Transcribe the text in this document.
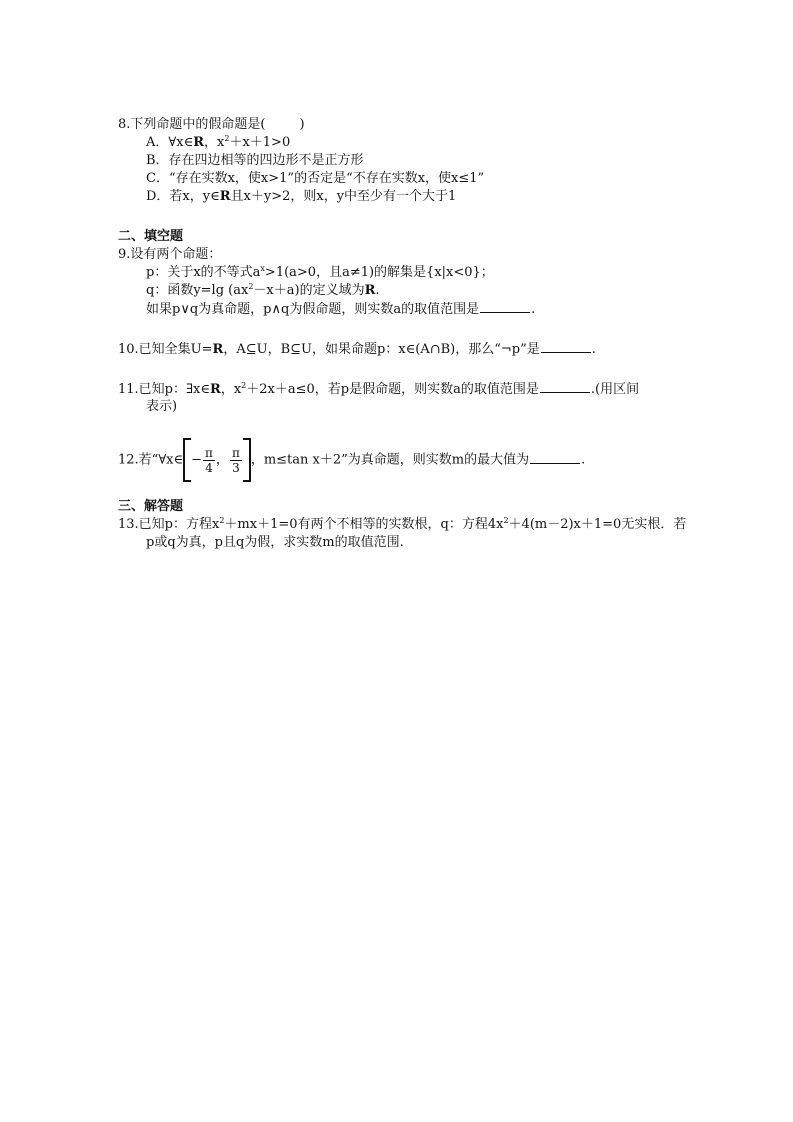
8.下列命题中的假命题是(	)
A．∀x∈R，$x^2+x+1>0$
B．存在四边相等的四边形不是正方形
C．“存在实数x，使x>1”的否定是“不存在实数x，使x≤1”
D．若x，y∈R且x＋y>2，则x，y中至少有一个大于1
二、填空题
9.设有两个命题：
p：关于x的不等式$a^x>1(a>0$，且a≠1)的解集是{x|x<0}；
q：函数y=lg $(ax^2-x+a)$的定义域为R.
如果p∨q为真命题，p∧q为假命题，则实数a的取值范围是	.
10.已知全集U=R，A⊆U，B⊆U，如果命题p：x∈(A∩B)，那么“¬p”是	.
11.已知p：∃x∈R，$x^2+2x+a\le 0$，若p是假命题，则实数a的取值范围是	.(用区间
表示)
12.若“∀x∈ − $\frac{\pi}{4}$ ， $\frac{\pi}{3}$ ，m≤tan x＋2”为真命题，则实数m的最大值为	.
三、解答题
13.已知p：方程$x^2+mx+1=0$有两个不相等的实数根，q：方程$4x^2+4(m-2)x+1=0$无实根．若
p或q为真，p且q为假，求实数m的取值范围.
